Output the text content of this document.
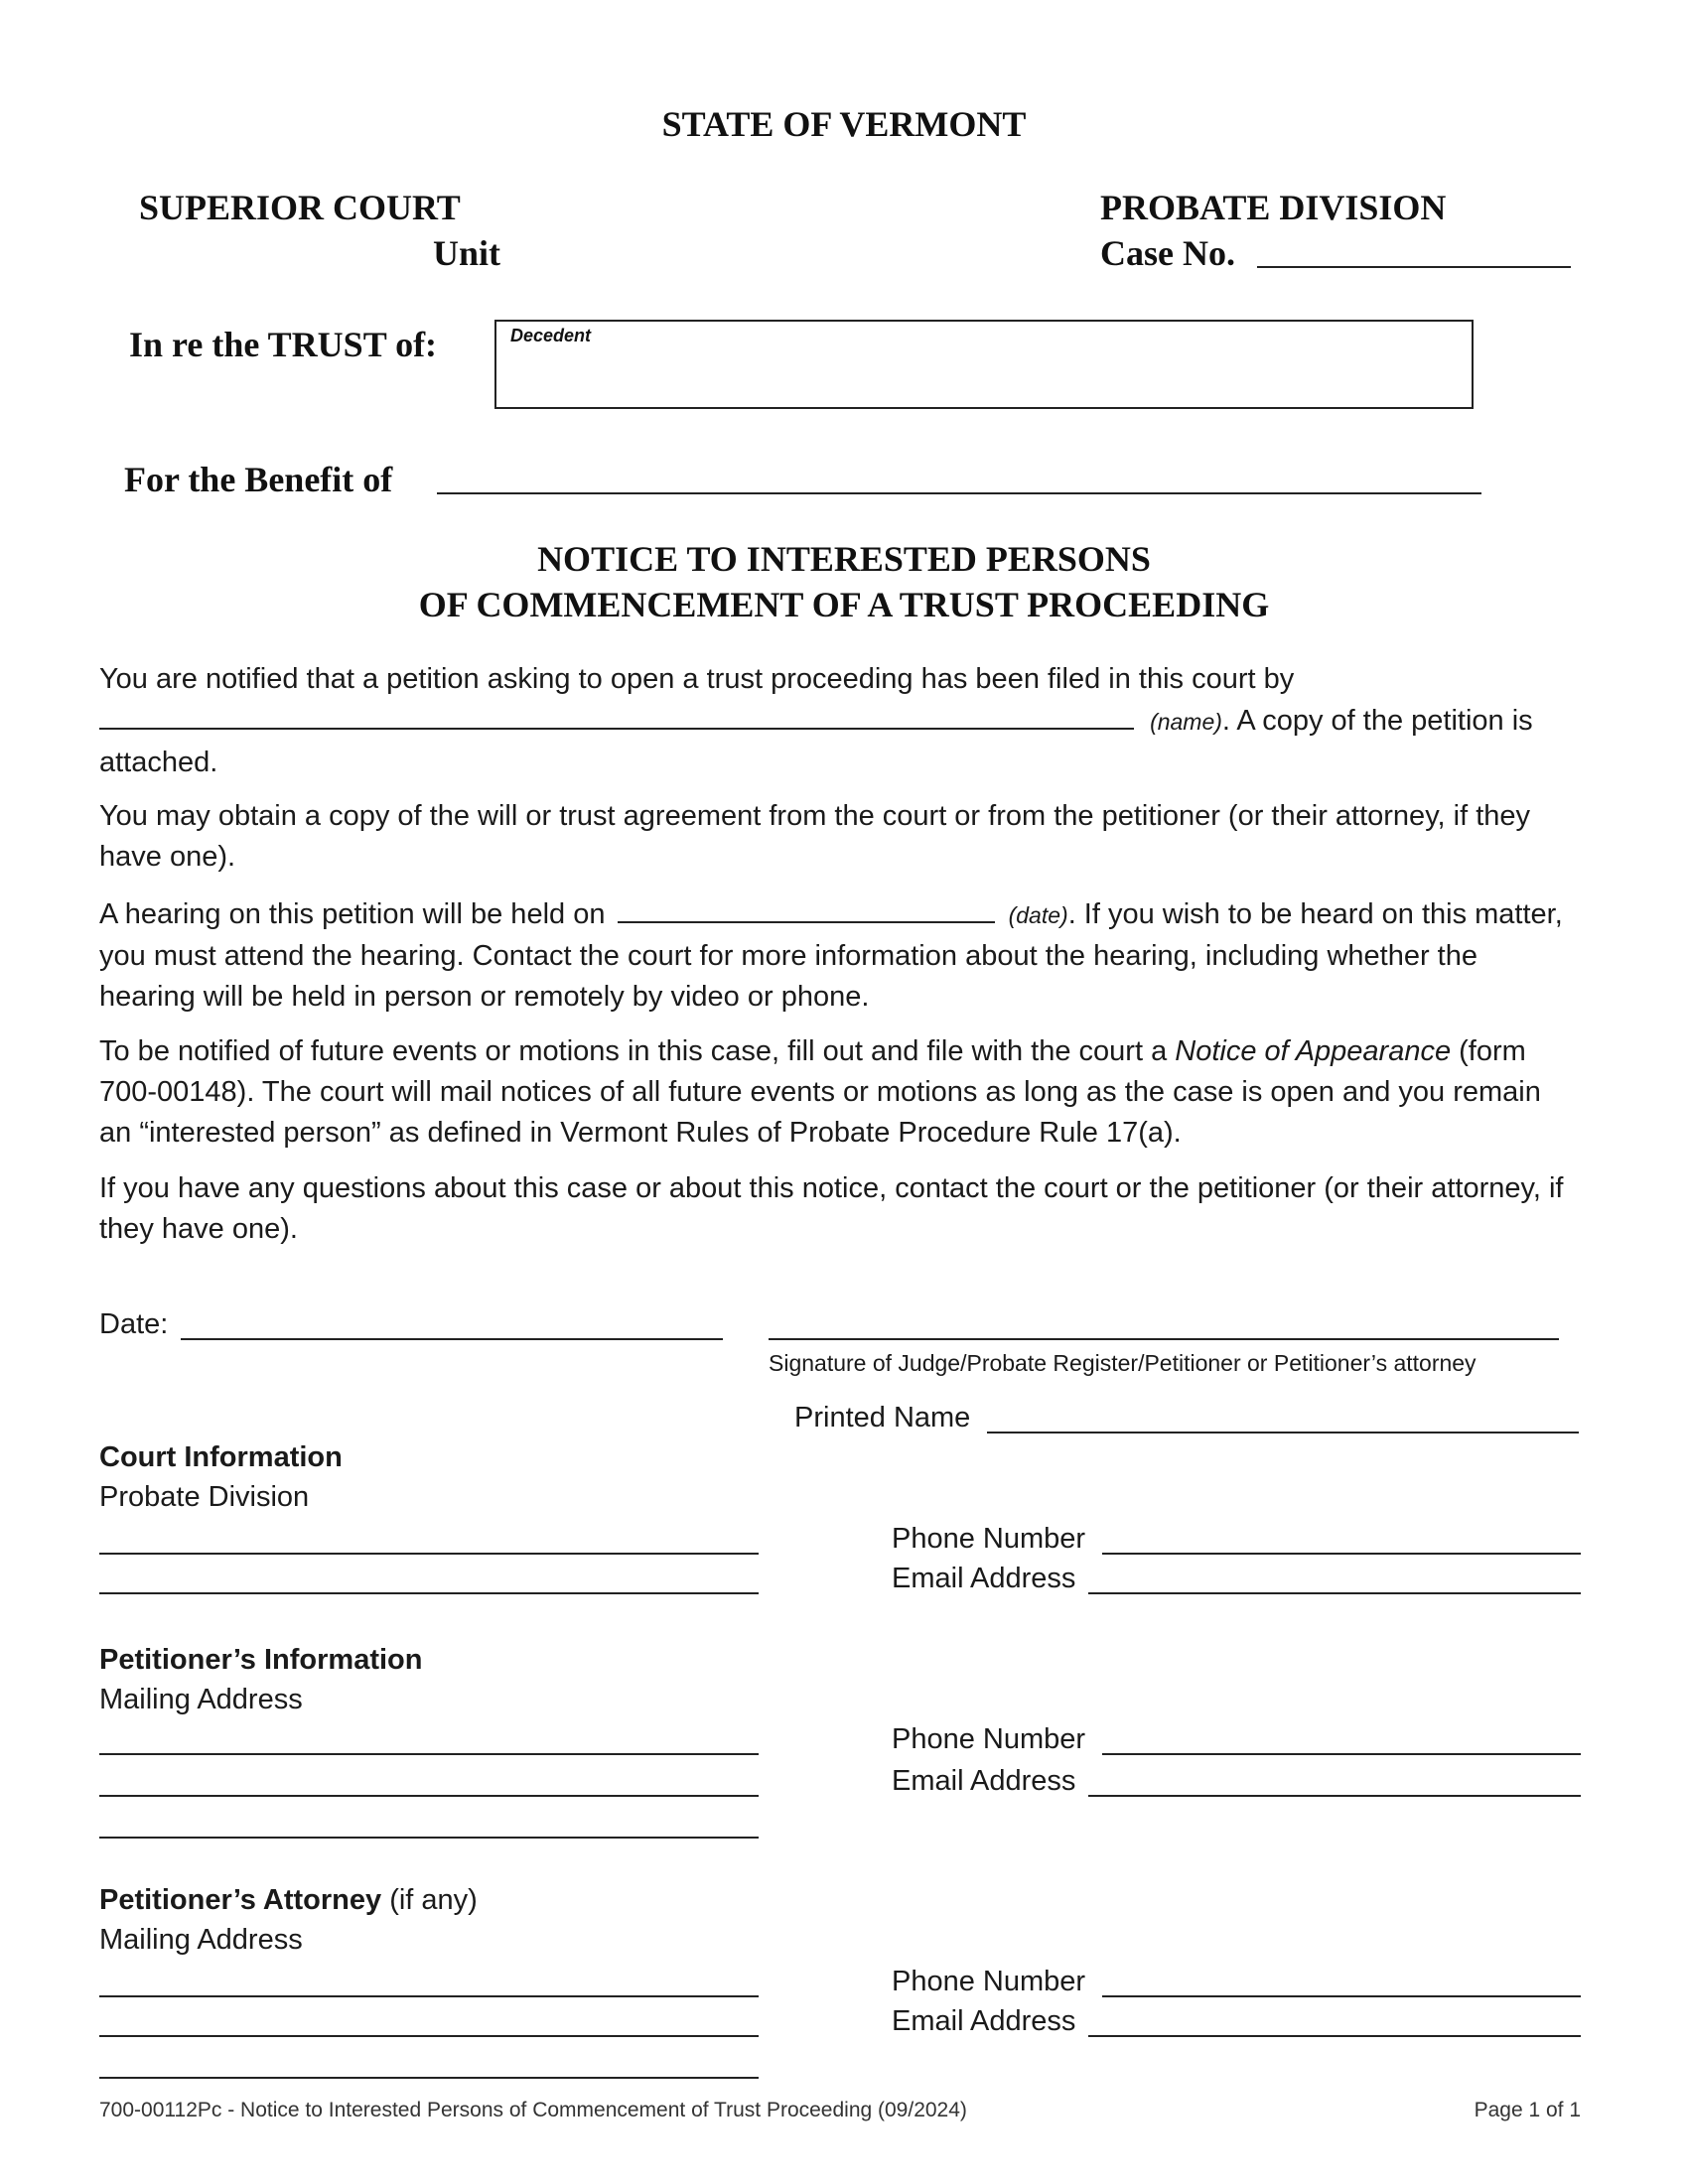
STATE OF VERMONT
SUPERIOR COURT
Unit
PROBATE DIVISION
Case No.
In re the TRUST of:	Decedent
For the Benefit of
NOTICE TO INTERESTED PERSONS
OF COMMENCEMENT OF A TRUST PROCEEDING
You are notified that a petition asking to open a trust proceeding has been filed in this court by
(name). A copy of the petition is attached.
You may obtain a copy of the will or trust agreement from the court or from the petitioner (or their attorney, if they have one).
A hearing on this petition will be held on	(date). If you wish to be heard on this matter, you must attend the hearing. Contact the court for more information about the hearing, including whether the hearing will be held in person or remotely by video or phone.
To be notified of future events or motions in this case, fill out and file with the court a Notice of Appearance (form 700-00148). The court will mail notices of all future events or motions as long as the case is open and you remain an “interested person” as defined in Vermont Rules of Probate Procedure Rule 17(a).
If you have any questions about this case or about this notice, contact the court or the petitioner (or their attorney, if they have one).
Date:
Signature of Judge/Probate Register/Petitioner or Petitioner’s attorney
Printed Name
Court Information
Probate Division
Phone Number
Email Address
Petitioner’s Information
Mailing Address
Phone Number
Email Address
Petitioner’s Attorney (if any)
Mailing Address
Phone Number
Email Address
700-00112Pc - Notice to Interested Persons of Commencement of Trust Proceeding (09/2024)	Page 1 of 1
